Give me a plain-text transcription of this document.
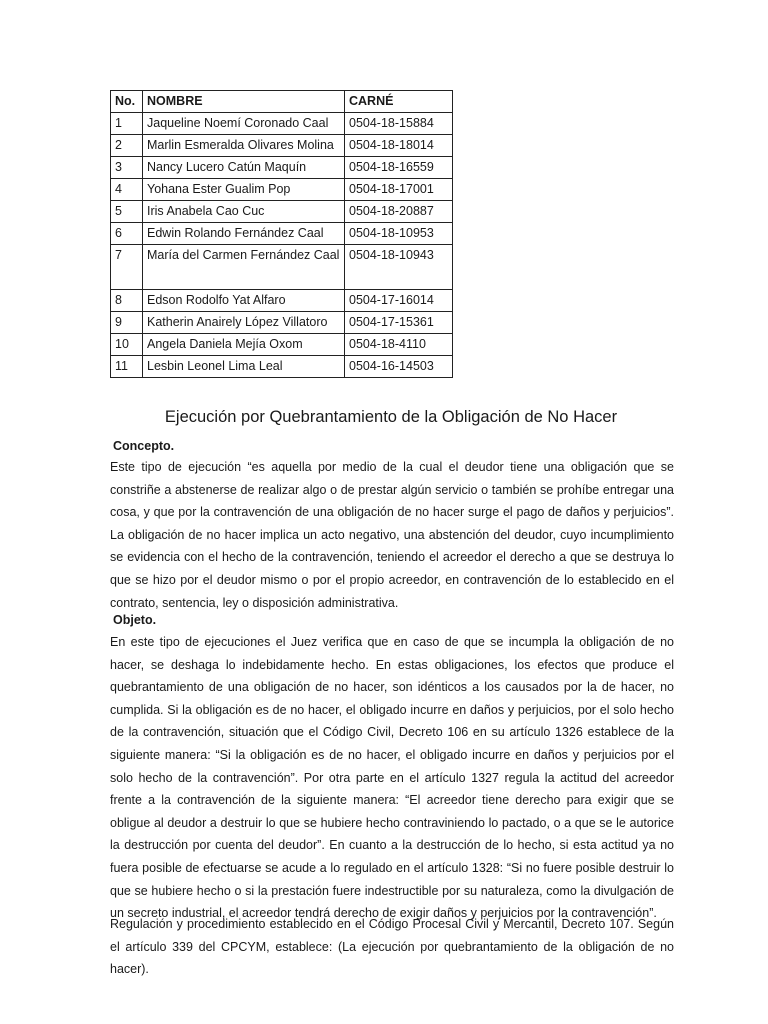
No.	NOMBRE	CARNÉ
1	Jaqueline Noemí Coronado Caal	0504-18-15884
2	Marlin Esmeralda Olivares Molina	0504-18-18014
3	Nancy Lucero Catún Maquín	0504-18-16559
4	Yohana Ester Gualim Pop	0504-18-17001
5	Iris Anabela Cao Cuc	0504-18-20887
6	Edwin Rolando Fernández Caal	0504-18-10953
7	María del Carmen Fernández Caal	0504-18-10943
8	Edson Rodolfo Yat Alfaro	0504-17-16014
9	Katherin Anairely López Villatoro	0504-17-15361
10	Angela Daniela Mejía Oxom	0504-18-4110
11	Lesbin Leonel Lima Leal	0504-16-14503
Ejecución por Quebrantamiento de la Obligación de No Hacer
Concepto.

Este tipo de ejecución “es aquella por medio de la cual el deudor tiene una obligación que se constriñe a abstenerse de realizar algo o de prestar algún servicio o también se prohíbe entregar una cosa, y que por la contravención de una obligación de no hacer surge el pago de daños y perjuicios”. La obligación de no hacer implica un acto negativo, una abstención del deudor, cuyo incumplimiento se evidencia con el hecho de la contravención, teniendo el acreedor el derecho a que se destruya lo que se hizo por el deudor mismo o por el propio acreedor, en contravención de lo establecido en el contrato, sentencia, ley o disposición administrativa.

Objeto.

En este tipo de ejecuciones el Juez verifica que en caso de que se incumpla la obligación de no hacer, se deshaga lo indebidamente hecho. En estas obligaciones, los efectos que produce el quebrantamiento de una obligación de no hacer, son idénticos a los causados por la de hacer, no cumplida. Si la obligación es de no hacer, el obligado incurre en daños y perjuicios, por el solo hecho de la contravención, situación que el Código Civil, Decreto 106 en su artículo 1326 establece de la siguiente manera: “Si la obligación es de no hacer, el obligado incurre en daños y perjuicios por el solo hecho de la contravención”. Por otra parte en el artículo 1327 regula la actitud del acreedor frente a la contravención de la siguiente manera: “El acreedor tiene derecho para exigir que se obligue al deudor a destruir lo que se hubiere hecho contraviniendo lo pactado, o a que se le autorice la destrucción por cuenta del deudor”. En cuanto a la destrucción de lo hecho, si esta actitud ya no fuera posible de efectuarse se acude a lo regulado en el artículo 1328: “Si no fuere posible destruir lo que se hubiere hecho o si la prestación fuere indestructible por su naturaleza, como la divulgación de un secreto industrial, el acreedor tendrá derecho de exigir daños y perjuicios por la contravención”.

Regulación y procedimiento establecido en el Código Procesal Civil y Mercantil, Decreto 107. Según el artículo 339 del CPCYM, establece: (La ejecución por quebrantamiento de la obligación de no hacer).
